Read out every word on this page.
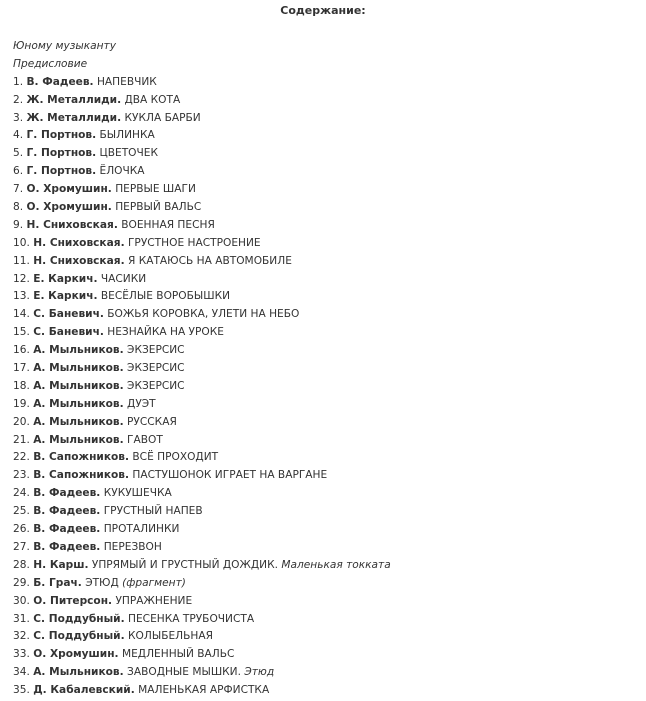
Содержание:
Юному музыканту
Предисловие
1. В. Фадеев. НАПЕВЧИК
2. Ж. Металлиди. ДВА КОТА
3. Ж. Металлиди. КУКЛА БАРБИ
4. Г. Портнов. БЫЛИНКА
5. Г. Портнов. ЦВЕТОЧЕК
6. Г. Портнов. ЁЛОЧКА
7. О. Хромушин. ПЕРВЫЕ ШАГИ
8. О. Хромушин. ПЕРВЫЙ ВАЛЬС
9. Н. Сниховская. ВОЕННАЯ ПЕСНЯ
10. Н. Сниховская. ГРУСТНОЕ НАСТРОЕНИЕ
11. Н. Сниховская. Я КАТАЮСЬ НА АВТОМОБИЛЕ
12. Е. Каркич. ЧАСИКИ
13. Е. Каркич. ВЕСЁЛЫЕ ВОРОБЫШКИ
14. С. Баневич. БОЖЬЯ КОРОВКА, УЛЕТИ НА НЕБО
15. С. Баневич. НЕЗНАЙКА НА УРОКЕ
16. А. Мыльников. ЭКЗЕРСИС
17. А. Мыльников. ЭКЗЕРСИС
18. А. Мыльников. ЭКЗЕРСИС
19. А. Мыльников. ДУЭТ
20. А. Мыльников. РУССКАЯ
21. А. Мыльников. ГАВОТ
22. В. Сапожников. ВСЁ ПРОХОДИТ
23. В. Сапожников. ПАСТУШОНОК ИГРАЕТ НА ВАРГАНЕ
24. В. Фадеев. КУКУШЕЧКА
25. В. Фадеев. ГРУСТНЫЙ НАПЕВ
26. В. Фадеев. ПРОТАЛИНКИ
27. В. Фадеев. ПЕРЕЗВОН
28. Н. Карш. УПРЯМЫЙ И ГРУСТНЫЙ ДОЖДИК. Маленькая токката
29. Б. Грач. ЭТЮД (фрагмент)
30. О. Питерсон. УПРАЖНЕНИЕ
31. С. Поддубный. ПЕСЕНКА ТРУБОЧИСТА
32. С. Поддубный. КОЛЫБЕЛЬНАЯ
33. О. Хромушин. МЕДЛЕННЫЙ ВАЛЬС
34. А. Мыльников. ЗАВОДНЫЕ МЫШКИ. Этюд
35. Д. Кабалевский. МАЛЕНЬКАЯ АРФИСТКА
